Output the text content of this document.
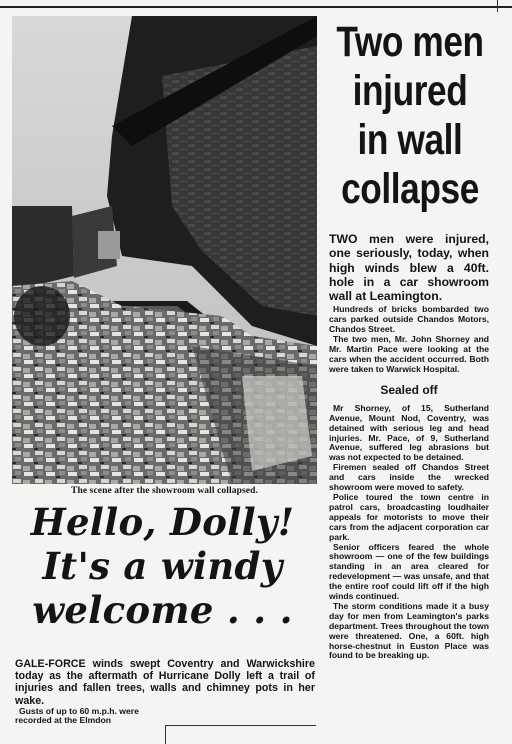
The scene after the showroom wall collapsed.
Two men
injured
in wall
collapse

TWO men were injured, one seriously, today, when high winds blew a 40ft. hole in a car showroom wall at Leamington.

Hundreds of bricks bombarded two cars parked outside Chandos Motors, Chandos Street.

The two men, Mr. John Shorney and Mr. Martin Pace were looking at the cars when the accident occurred. Both were taken to Warwick Hospital.

Sealed off

Mr Shorney, of 15, Sutherland Avenue, Mount Nod, Coventry, was detained with serious leg and head injuries. Mr. Pace, of 9, Sutherland Avenue, suffered leg abrasions but was not expected to be detained.

Firemen sealed off Chandos Street and cars inside the wrecked showroom were moved to safety.

Police toured the town centre in patrol cars, broadcasting loudhailer appeals for motorists to move their cars from the adjacent corporation car park.

Senior officers feared the whole showroom — one of the few buildings standing in an area cleared for redevelopment — was unsafe, and that the entire roof could lift off if the high winds continued.

The storm conditions made it a busy day for men from Leamington's parks department. Trees throughout the town were threatened. One, a 60ft. high horse-chestnut in Euston Place was found to be breaking up.

Hello, Dolly!
It's a windy
welcome . . .

GALE-FORCE winds swept Coventry and Warwickshire today as the aftermath of Hurricane Dolly left a trail of injuries and fallen trees, walls and chimney pots in her wake.

Gusts of up to 60 m.p.h. were recorded at the Elmdon
